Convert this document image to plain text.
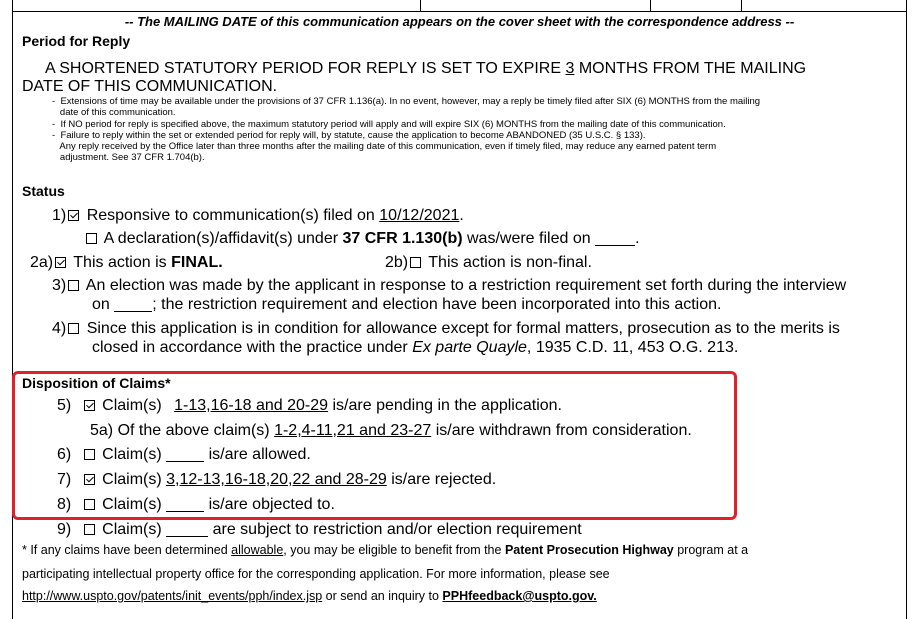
-- The MAILING DATE of this communication appears on the cover sheet with the correspondence address --
Period for Reply
A SHORTENED STATUTORY PERIOD FOR REPLY IS SET TO EXPIRE 3 MONTHS FROM THE MAILING
DATE OF THIS COMMUNICATION.
-  Extensions of time may be available under the provisions of 37 CFR 1.136(a). In no event, however, may a reply be timely filed after SIX (6) MONTHS from the mailing
date of this communication.
-  If NO period for reply is specified above, the maximum statutory period will apply and will expire SIX (6) MONTHS from the mailing date of this communication.
-  Failure to reply within the set or extended period for reply will, by statute, cause the application to become ABANDONED (35 U.S.C. § 133).
Any reply received by the Office later than three months after the mailing date of this communication, even if timely filed, may reduce any earned patent term
adjustment. See 37 CFR 1.704(b).
Status
1) Responsive to communication(s) filed on 10/12/2021.
A declaration(s)/affidavit(s) under 37 CFR 1.130(b) was/were filed on	.
2a) This action is FINAL.	2b) This action is non-final.
3) An election was made by the applicant in response to a restriction requirement set forth during the interview
on	; the restriction requirement and election have been incorporated into this action.
4) Since this application is in condition for allowance except for formal matters, prosecution as to the merits is
closed in accordance with the practice under Ex parte Quayle, 1935 C.D. 11, 453 O.G. 213.
Disposition of Claims*
5) Claim(s) 1-13,16-18 and 20-29 is/are pending in the application.
5a) Of the above claim(s) 1-2,4-11,21 and 23-27 is/are withdrawn from consideration.
6) Claim(s)	is/are allowed.
7) Claim(s) 3,12-13,16-18,20,22 and 28-29 is/are rejected.
8) Claim(s)	is/are objected to.
9) Claim(s)	are subject to restriction and/or election requirement
* If any claims have been determined allowable, you may be eligible to benefit from the Patent Prosecution Highway program at a
participating intellectual property office for the corresponding application. For more information, please see
http://www.uspto.gov/patents/init_events/pph/index.jsp or send an inquiry to PPHfeedback@uspto.gov.
